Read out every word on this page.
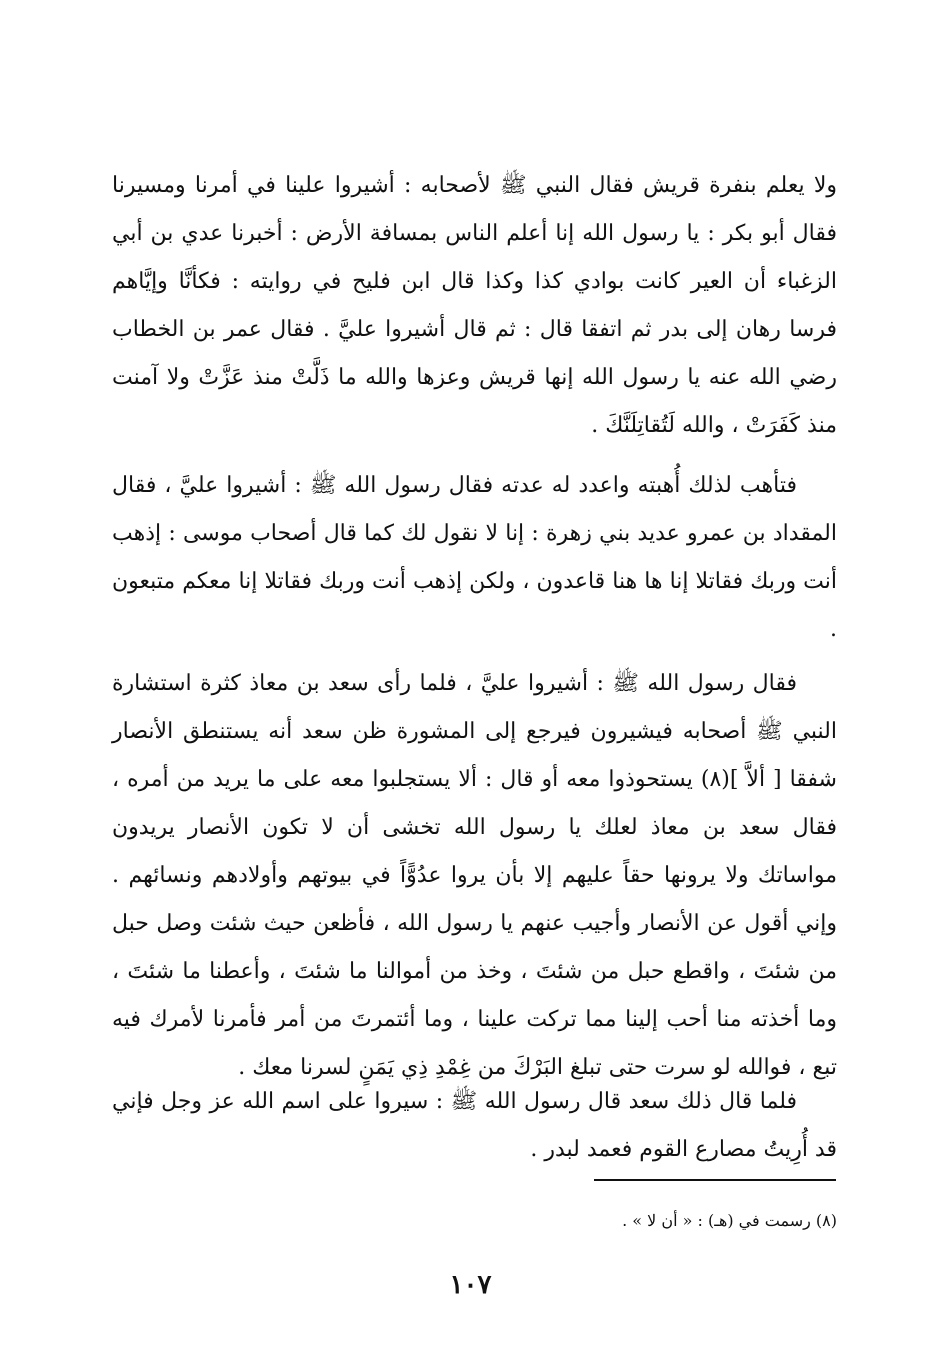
ولا يعلم بنفرة قريش فقال النبي ﷺ لأصحابه : أشيروا علينا في أمرنا ومسيرنا فقال أبو بكر : يا رسول الله إنا أعلم الناس بمسافة الأرض : أخبرنا عدي بن أبي الزغباء أن العير كانت بوادي كذا وكذا قال ابن فليح في روايته : فكأنَّا وإيَّاهم فرسا رهان إلى بدر ثم اتفقا قال : ثم قال أشيروا عليَّ . فقال عمر بن الخطاب رضي الله عنه يا رسول الله إنها قريش وعزها والله ما ذَلَّتْ منذ عَزَّتْ ولا آمنت منذ كَفَرَتْ ، والله لَتُقاتِلَنَّكَ .

فتأهب لذلك أُهبته واعدد له عدته فقال رسول الله ﷺ : أشيروا عليَّ ، فقال المقداد بن عمرو عديد بني زهرة : إنا لا نقول لك كما قال أصحاب موسى : إذهب أنت وربك فقاتلا إنا ها هنا قاعدون ، ولكن إذهب أنت وربك فقاتلا إنا معكم متبعون .

فقال رسول الله ﷺ : أشيروا عليَّ ، فلما رأى سعد بن معاذ كثرة استشارة النبي ﷺ أصحابه فيشيرون فيرجع إلى المشورة ظن سعد أنه يستنطق الأنصار شفقا [ ألاَّ ](٨) يستحوذوا معه أو قال : ألا يستجلبوا معه على ما يريد من أمره ، فقال سعد بن معاذ لعلك يا رسول الله تخشى أن لا تكون الأنصار يريدون مواساتك ولا يرونها حقاً عليهم إلا بأن يروا عدُوًّاً في بيوتهم وأولادهم ونسائهم . وإني أقول عن الأنصار وأجيب عنهم يا رسول الله ، فأظعن حيث شئت وصل حبل من شئتَ ، واقطع حبل من شئتَ ، وخذ من أموالنا ما شئتَ ، وأعطنا ما شئتَ ، وما أخذته منا أحب إلينا مما تركت علينا ، وما أئتمرتَ من أمر فأمرنا لأمرك فيه تبع ، فوالله لو سرت حتى تبلغ البَرْكَ من غِمْدِ ذِي يَمَنٍ لسرنا معك .

فلما قال ذلك سعد قال رسول الله ﷺ : سيروا على اسم الله عز وجل فإني قد أُرِيتُ مصارع القوم فعمد لبدر .

(٨) رسمت في (هـ) : « أن لا » .
١٠٧
